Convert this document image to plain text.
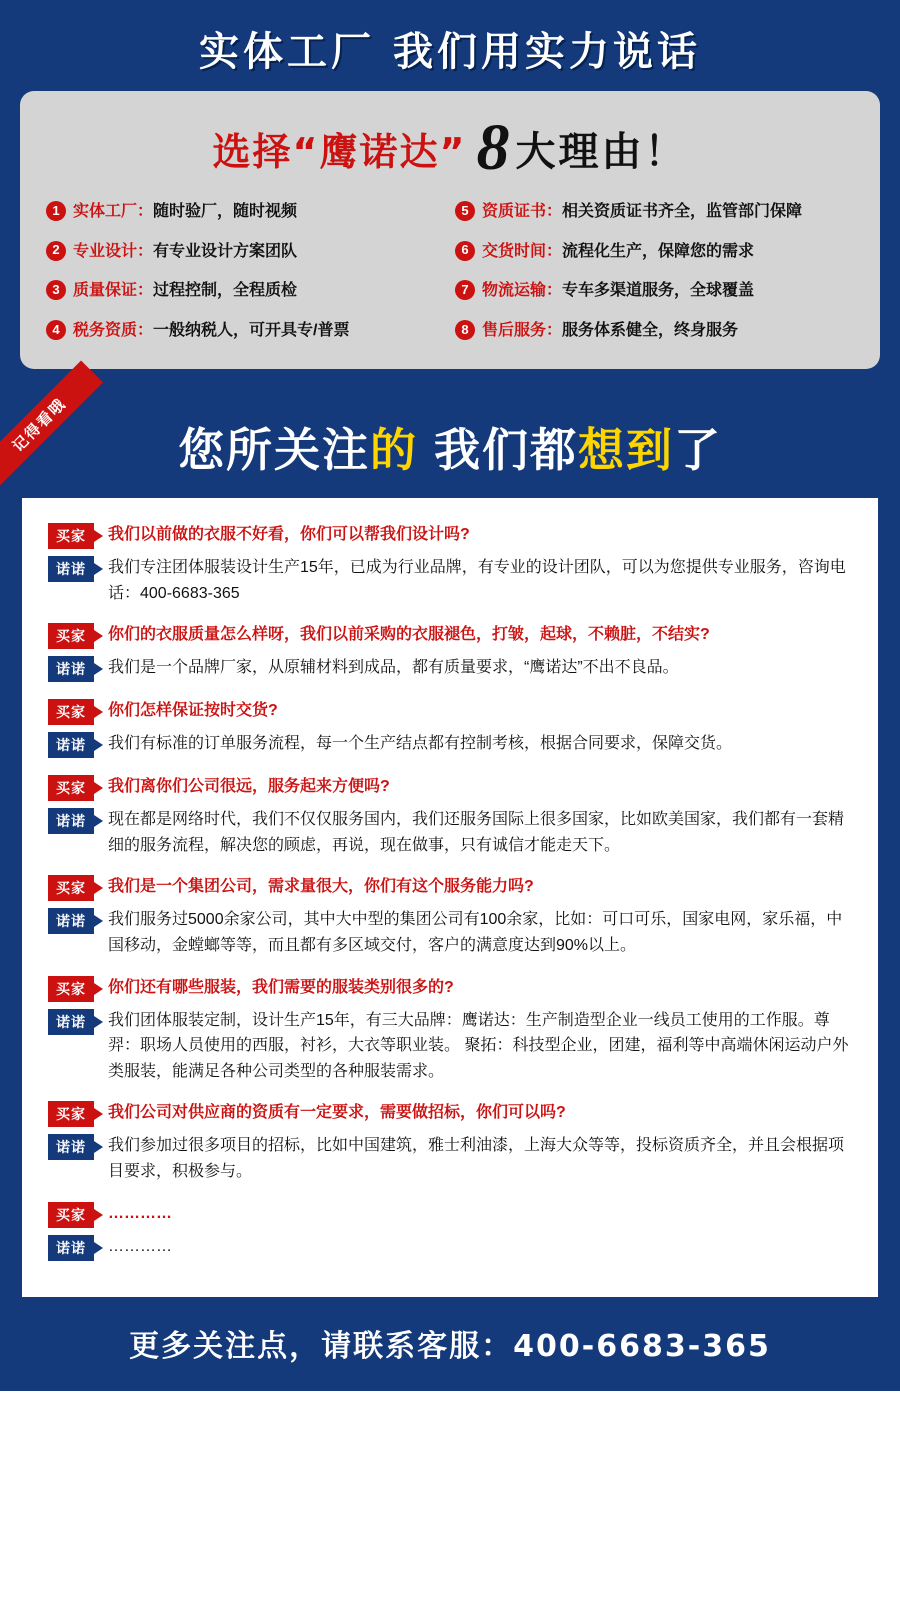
实体工厂 我们用实力说话
选择“鹰诺达” 8 大理由！
1 实体工厂：随时验厂，随时视频	5 资质证书：相关资质证书齐全，监管部门保障
2 专业设计：有专业设计方案团队	6 交货时间：流程化生产，保障您的需求
3 质量保证：过程控制，全程质检	7 物流运输：专车多渠道服务，全球覆盖
4 税务资质：一般纳税人，可开具专/普票	8 售后服务：服务体系健全，终身服务
记得看哦	您所关注的 我们都想到了
买家	我们以前做的衣服不好看，你们可以帮我们设计吗?
诺诺	我们专注团体服装设计生产15年，已成为行业品牌，有专业的设计团队，可以为您提供专业服务，咨询电话：400-6683-365
买家	你们的衣服质量怎么样呀，我们以前采购的衣服褪色，打皱，起球，不赖脏，不结实?
诺诺	我们是一个品牌厂家，从原辅材料到成品，都有质量要求，“鹰诺达”不出不良品。
买家	你们怎样保证按时交货?
诺诺	我们有标准的订单服务流程，每一个生产结点都有控制考核，根据合同要求，保障交货。
买家	我们离你们公司很远，服务起来方便吗?
诺诺	现在都是网络时代，我们不仅仅服务国内，我们还服务国际上很多国家，比如欧美国家，我们都有一套精细的服务流程，解决您的顾虑，再说，现在做事，只有诚信才能走天下。
买家	我们是一个集团公司，需求量很大，你们有这个服务能力吗?
诺诺	我们服务过5000余家公司，其中大中型的集团公司有100余家，比如：可口可乐，国家电网，家乐福，中国移动，金螳螂等等，而且都有多区域交付，客户的满意度达到90%以上。
买家	你们还有哪些服装，我们需要的服装类别很多的?
诺诺	我们团体服装定制，设计生产15年，有三大品牌：鹰诺达：生产制造型企业一线员工使用的工作服。尊羿：职场人员使用的西服，衬衫，大衣等职业装。 聚拓：科技型企业，团建，福利等中高端休闲运动户外类服装，能满足各种公司类型的各种服装需求。
买家	我们公司对供应商的资质有一定要求，需要做招标，你们可以吗?
诺诺	我们参加过很多项目的招标，比如中国建筑，雅士利油漆，上海大众等等，投标资质齐全，并且会根据项目要求，积极参与。
买家	…………
诺诺	…………
更多关注点，请联系客服：400-6683-365
